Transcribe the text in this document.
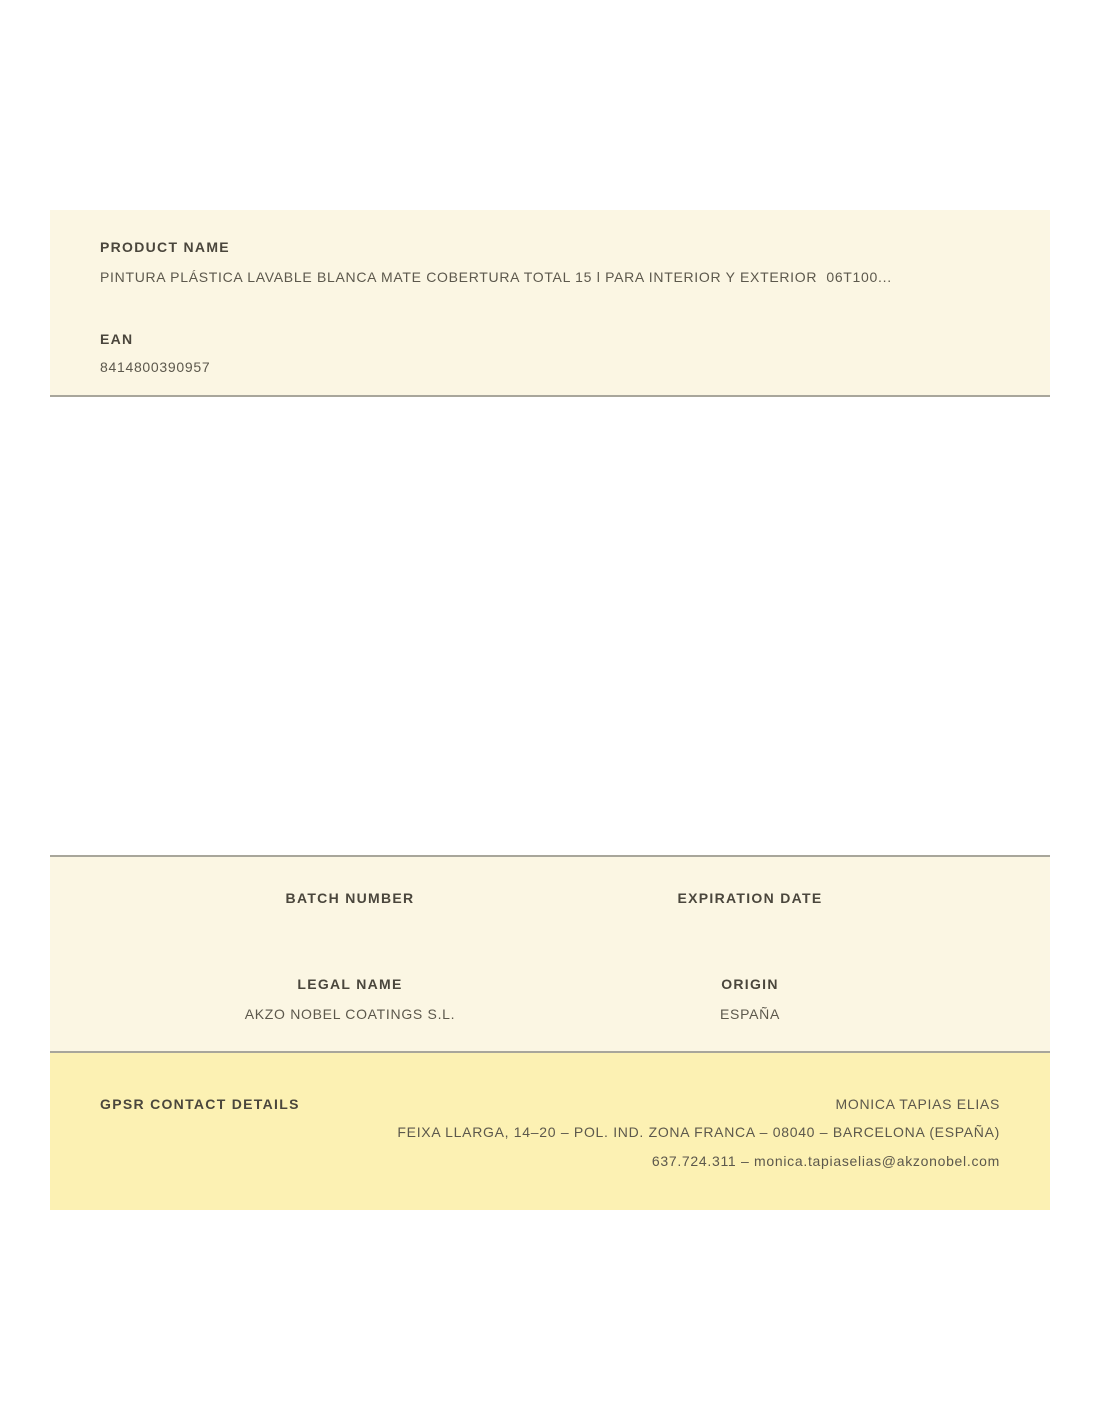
PRODUCT NAME
PINTURA PLÁSTICA LAVABLE BLANCA MATE COBERTURA TOTAL 15 l PARA INTERIOR Y EXTERIOR  06T100...
EAN
8414800390957
BATCH NUMBER	EXPIRATION DATE
LEGAL NAME	ORIGIN
AKZO NOBEL COATINGS S.L.	ESPAÑA
GPSR CONTACT DETAILS	MONICA TAPIAS ELIAS
FEIXA LLARGA, 14–20 – POL. IND. ZONA FRANCA – 08040 – BARCELONA (ESPAÑA)
637.724.311 – monica.tapiaselias@akzonobel.com
